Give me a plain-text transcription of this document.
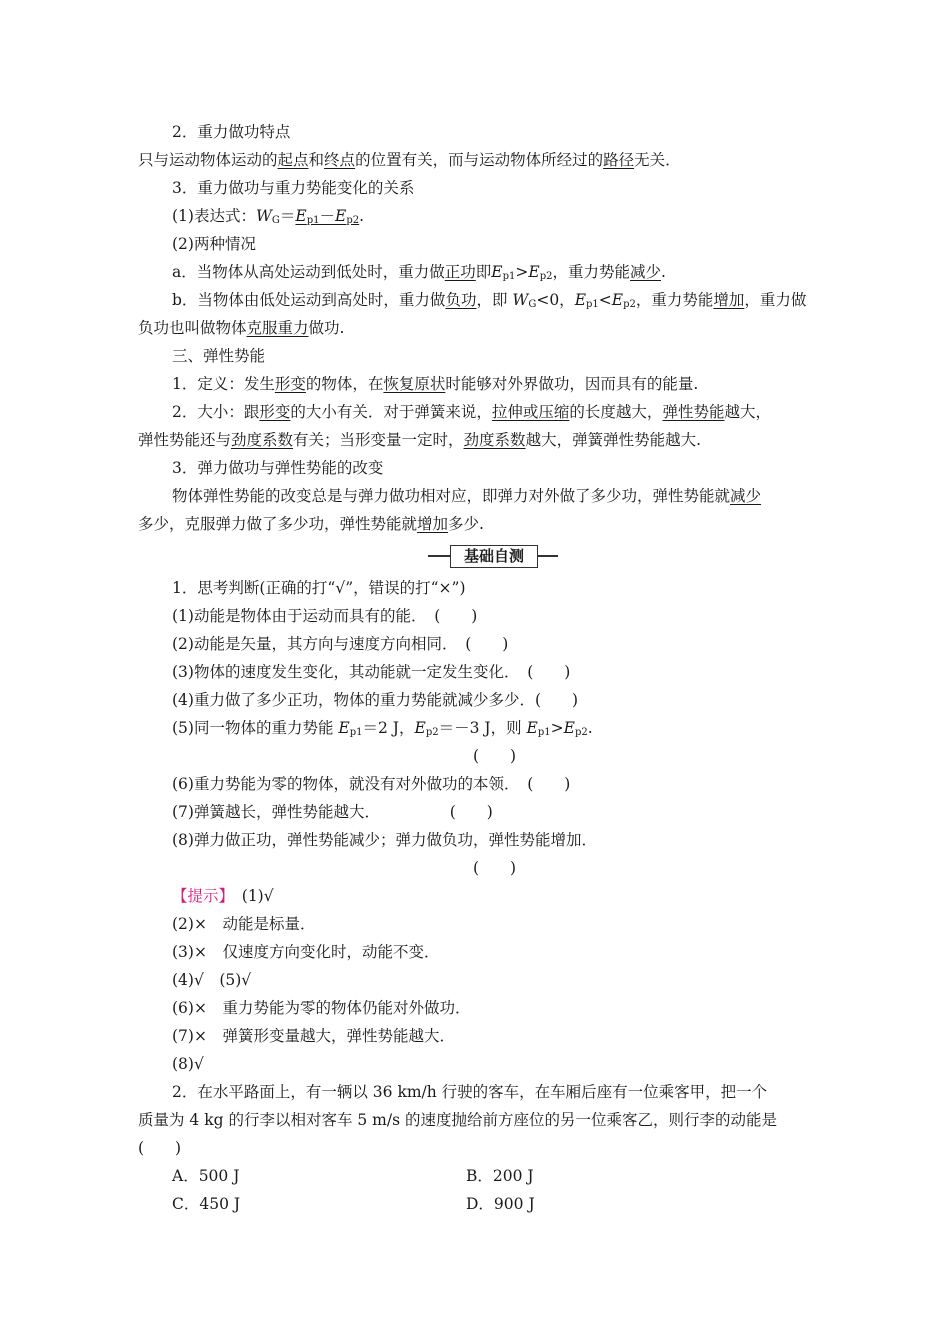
2．重力做功特点
只与运动物体运动的起点和终点的位置有关，而与运动物体所经过的路径无关．
3．重力做功与重力势能变化的关系
(1)表达式：$W_G=E_{p1}-E_{p2}$.
(2)两种情况
a．当物体从高处运动到低处时，重力做正功即$E_{p1}>E_{p2}$，重力势能减少.
b．当物体由低处运动到高处时，重力做负功，即 $W_G<0$，$E_{p1}<E_{p2}$，重力势能增加，重力做
负功也叫做物体克服重力做功.
三、弹性势能
1．定义：发生形变的物体，在恢复原状时能够对外界做功，因而具有的能量.
2．大小：跟形变的大小有关．对于弹簧来说，拉伸或压缩的长度越大，弹性势能越大，
弹性势能还与劲度系数有关；当形变量一定时，劲度系数越大，弹簧弹性势能越大.
3．弹力做功与弹性势能的改变
物体弹性势能的改变总是与弹力做功相对应，即弹力对外做了多少功，弹性势能就减少
多少，克服弹力做了多少功，弹性势能就增加多少.
基础自测
1．思考判断(正确的打“√”，错误的打“×”)
(1)动能是物体由于运动而具有的能．　(　　)
(2)动能是矢量，其方向与速度方向相同．　(　　)
(3)物体的速度发生变化，其动能就一定发生变化．　(　　)
(4)重力做了多少正功，物体的重力势能就减少多少．(　　)
(5)同一物体的重力势能 $E_{p1}=2$ J，$E_{p2}=-3$ J，则 $E_{p1}>E_{p2}$.
(　　)
(6)重力势能为零的物体，就没有对外做功的本领．　(　　)
(7)弹簧越长，弹性势能越大．　　　　　(　　)
(8)弹力做正功，弹性势能减少；弹力做负功，弹性势能增加．
(　　)
【提示】　(1)√
(2)×　动能是标量．
(3)×　仅速度方向变化时，动能不变．
(4)√　(5)√
(6)×　重力势能为零的物体仍能对外做功．
(7)×　弹簧形变量越大，弹性势能越大．
(8)√
2．在水平路面上，有一辆以 36 km/h 行驶的客车，在车厢后座有一位乘客甲，把一个
质量为 4 kg 的行李以相对客车 5 m/s 的速度抛给前方座位的另一位乘客乙，则行李的动能是
(　　)
A．500 J	B．200 J
C．450 J	D．900 J
